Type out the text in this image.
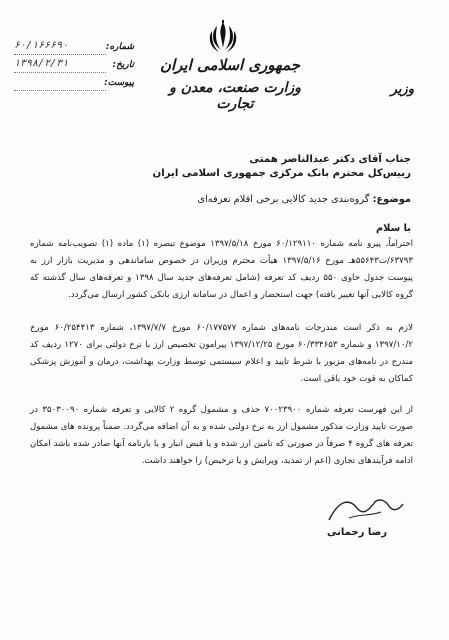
جمهوری اسلامی ایران
وزارت صنعت، معدن و تجارت
وزیر
شماره:
۶۰/۱۶۶۶۹۰
تاریخ:
۱۳۹۸/۲/۳۱
پیوست:
جناب آقای دکتر عبدالناصر همتی
رییس‌کل محترم بانک مرکزی جمهوری اسلامی ایران
موضوع: گروه‌بندی جدید کالایی برخی اقلام تعرفه‌ای
با سلام
احتراماً، پیرو نامه شماره ۶۰/۱۲۹۱۱۰ مورخ ۱۳۹۷/۵/۱۸ موضوع تبصره (۱) ماده (۱) تصویب‌نامه شماره ۶۳۷۹۳/ت۵۵۶۴۳هـ مورخ ۱۳۹۷/۵/۱۶ هیأت محترم وزیران در خصوص ساماندهی و مدیریت بازار ارز به پیوست جدول حاوی ۵۵۰ ردیف کد تعرفه (شامل تعرفه‌های جدید سال ۱۳۹۸ و تعرفه‌های سال گذشته که گروه کالایی آنها تغییر یافته) جهت استحضار و اعمال در سامانه ارزی بانکی کشور ارسال می‌گردد.
لازم به ذکر است مندرجات نامه‌های شماره ۶۰/۱۷۷۵۷۷ مورخ ۱۳۹۷/۷/۷، شماره ۶۰/۲۵۴۴۱۳ مورخ ۱۳۹۷/۱۰/۲ و شماره ۶۰/۳۳۴۶۵۳ مورخ ۱۳۹۷/۱۲/۲۵ پیرامون تخصیص ارز با نرخ دولتی برای ۱۲۷۰ ردیف کد مندرج در نامه‌های مزبور با شرط تایید و اعلام سیستمی توسط وزارت بهداشت، درمان و آموزش پزشکی کماکان به قوت خود باقی است.
از این فهرست تعرفه شماره ۷۰۰۲۳۹۰۰ حذف و مشمول گروه ۲ کالایی و تعرفه شماره ۳۵۰۳۰۰۹۰ در صورت تایید وزارت مذکور مشمول ارز به نرخ دولتی شده و به آن اضافه می‌گردد. ضمناً پرونده های مشمول تعرفه های گروه ۴ صرفاً در صورتی که تامین ارز شده و یا قبض انبار و یا بارنامه آنها صادر شده باشد امکان ادامه فرآیندهای تجاری (اعم از تمدید، ویرایش و یا ترخیص) را خواهند داشت.
رضا رحمانی
